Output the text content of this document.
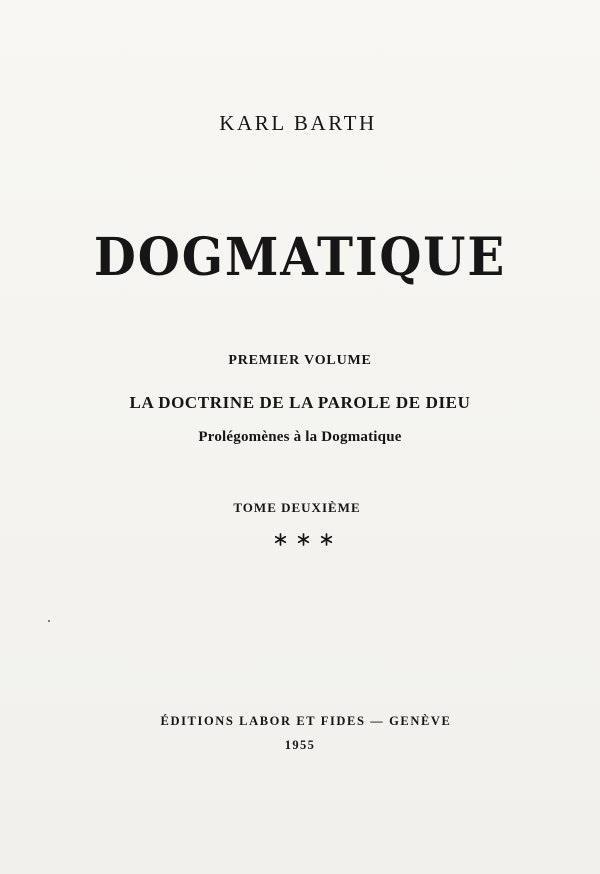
KARL BARTH
DOGMATIQUE
PREMIER VOLUME
LA DOCTRINE DE LA PAROLE DE DIEU
Prolégomènes à la Dogmatique
TOME DEUXIÈME
ÉDITIONS LABOR ET FIDES — GENÈVE
1955
